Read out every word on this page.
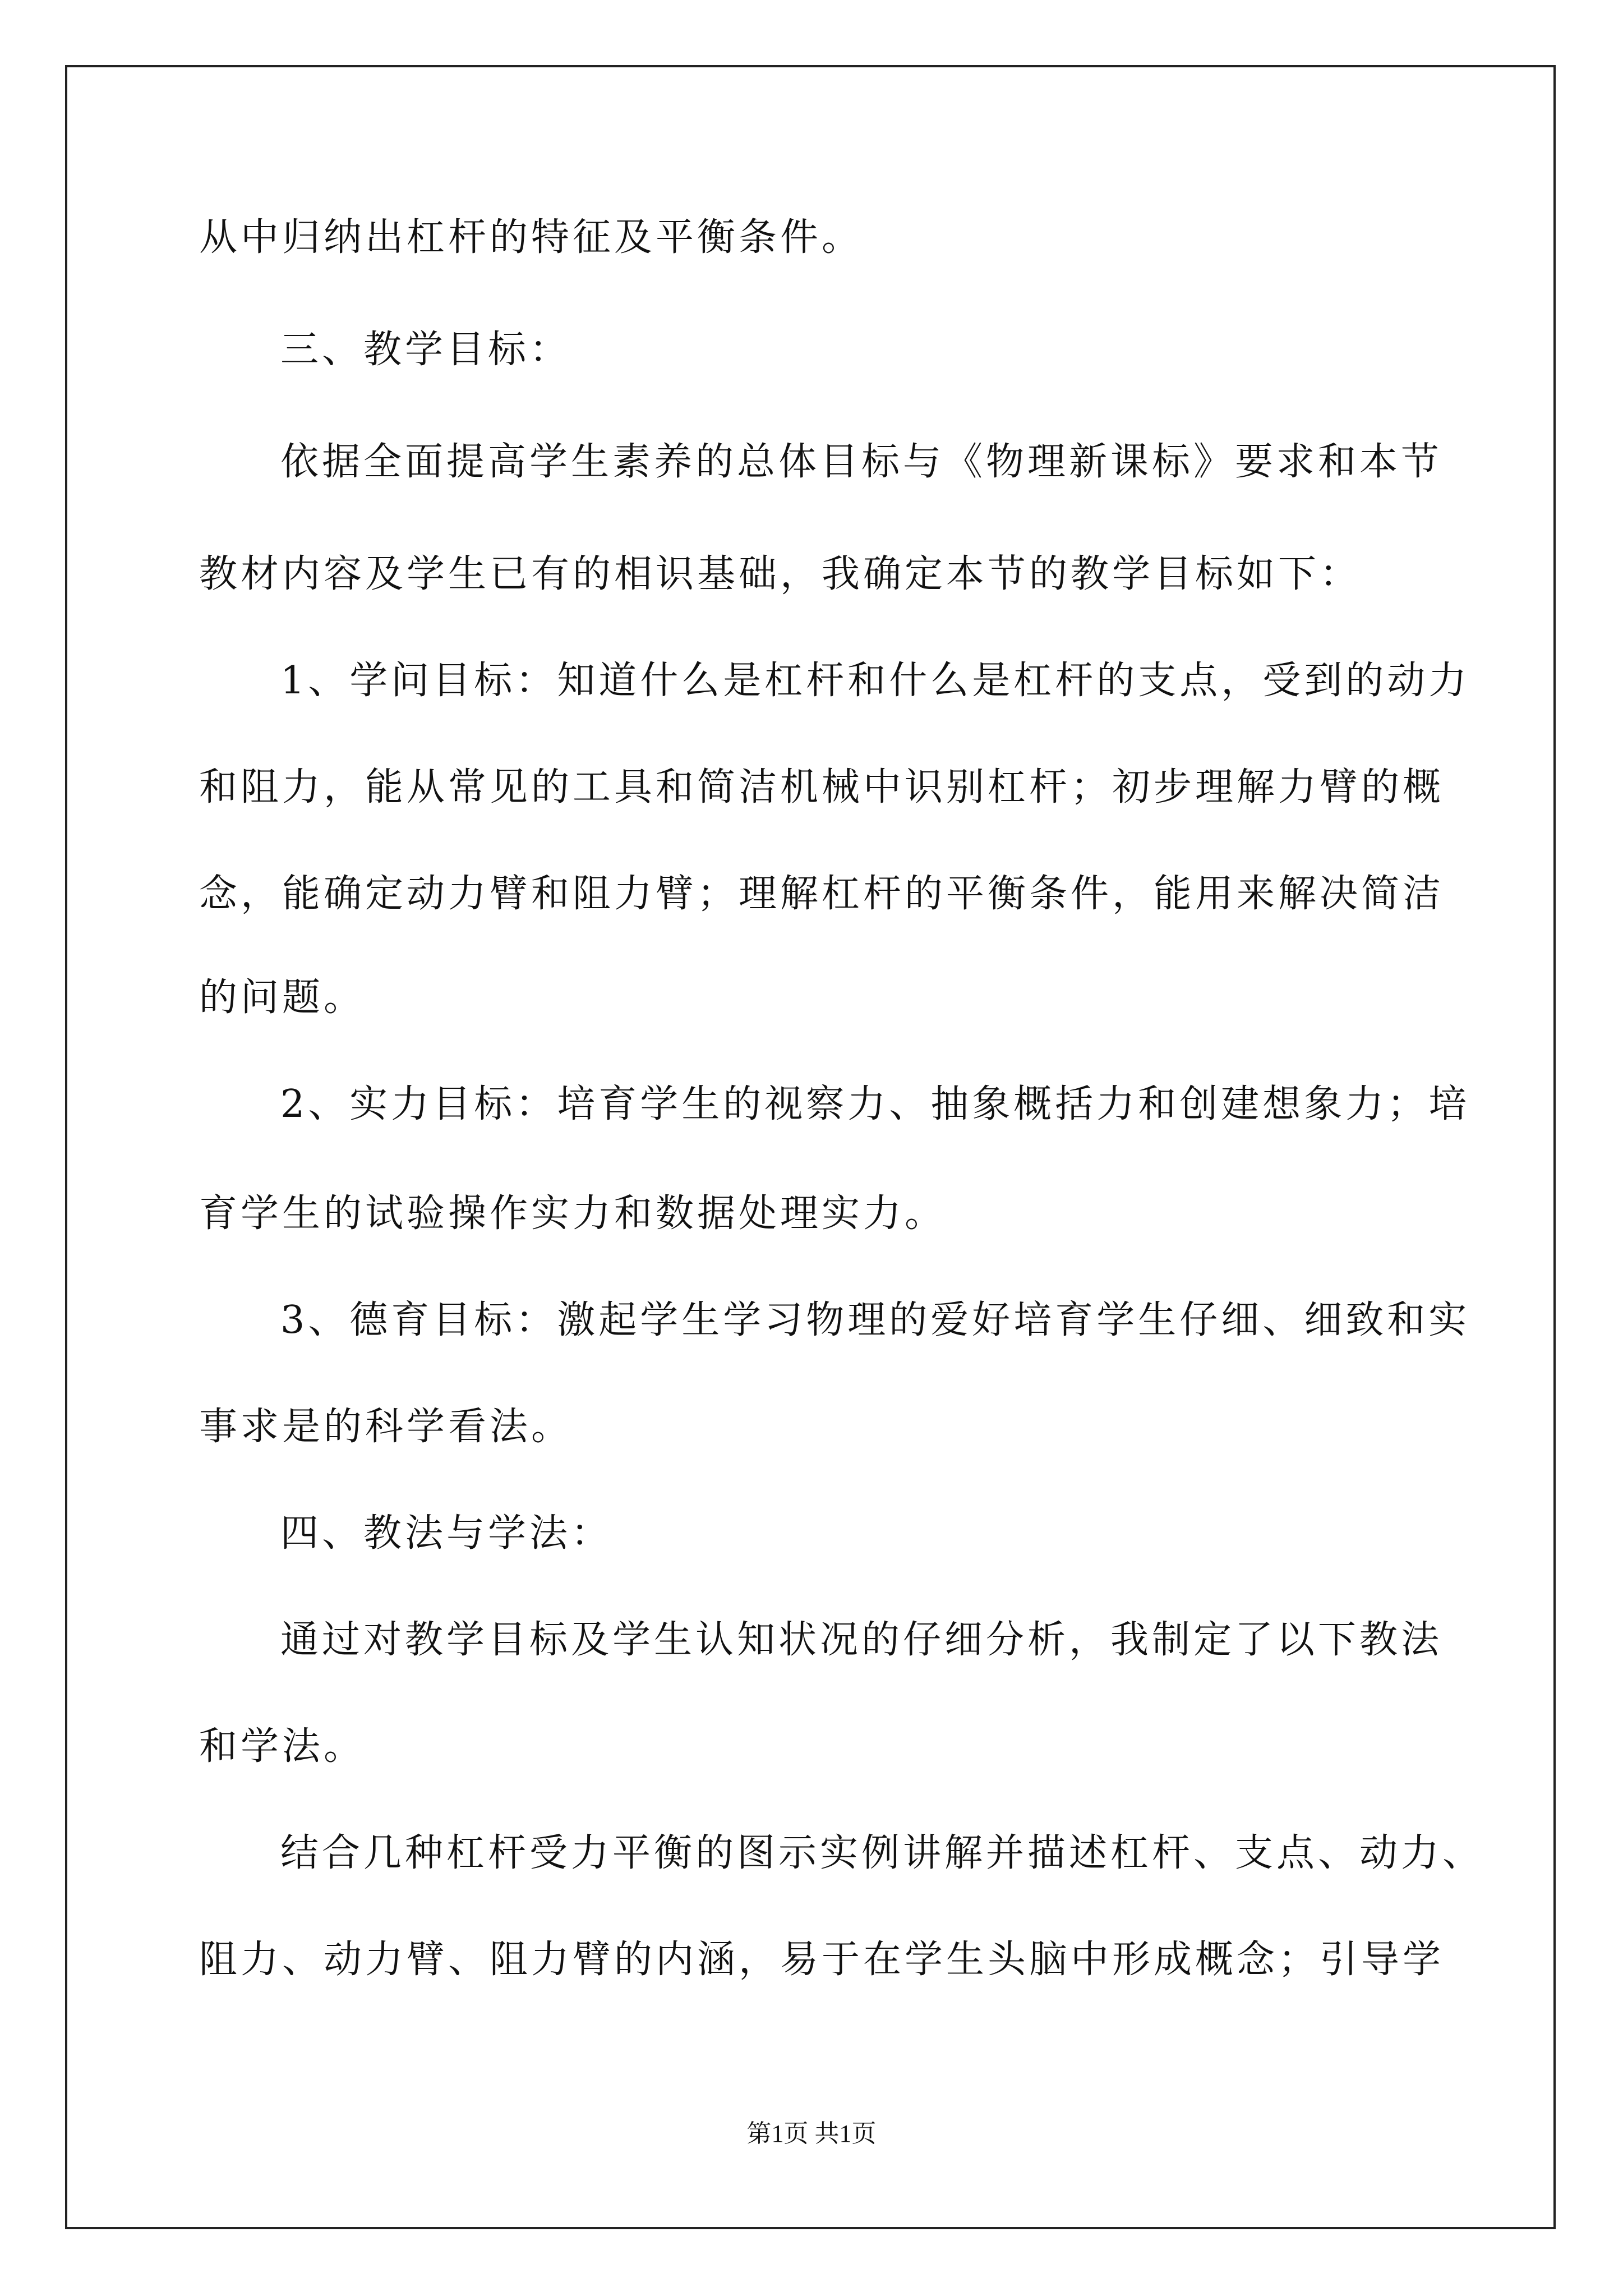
从中归纳出杠杆的特征及平衡条件。
三、教学目标：
依据全面提高学生素养的总体目标与《物理新课标》要求和本节
教材内容及学生已有的相识基础，我确定本节的教学目标如下：
1、学问目标：知道什么是杠杆和什么是杠杆的支点，受到的动力
和阻力，能从常见的工具和简洁机械中识别杠杆；初步理解力臂的概
念，能确定动力臂和阻力臂；理解杠杆的平衡条件，能用来解决简洁
的问题。
2、实力目标：培育学生的视察力、抽象概括力和创建想象力；培
育学生的试验操作实力和数据处理实力。
3、德育目标：激起学生学习物理的爱好培育学生仔细、细致和实
事求是的科学看法。
四、教法与学法：
通过对教学目标及学生认知状况的仔细分析，我制定了以下教法
和学法。
结合几种杠杆受力平衡的图示实例讲解并描述杠杆、支点、动力、
阻力、动力臂、阻力臂的内涵，易于在学生头脑中形成概念；引导学
第1页 共1页
